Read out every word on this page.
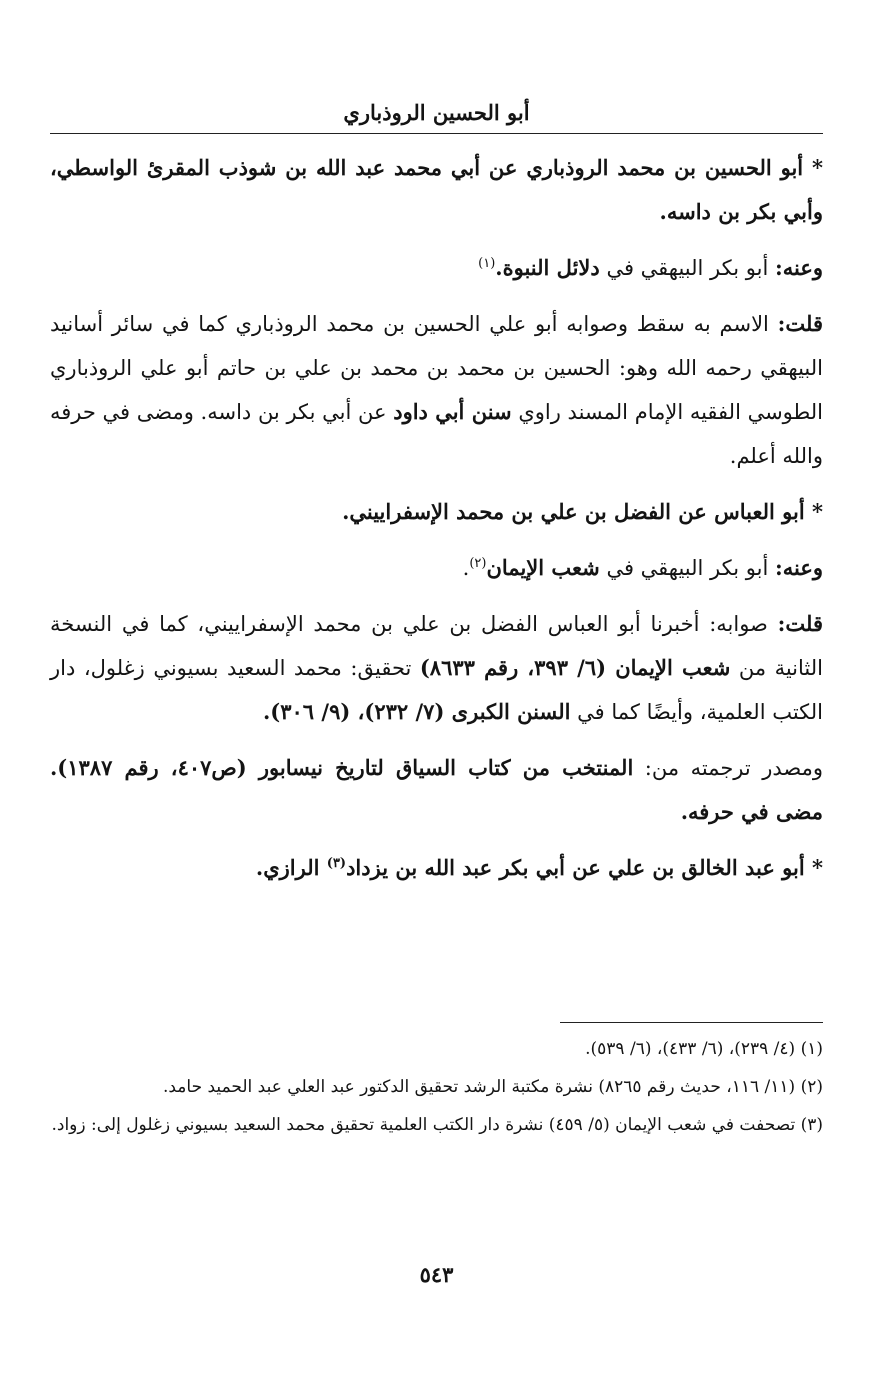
أبو الحسين الروذباري

* أبو الحسين بن محمد الروذباري عن أبي محمد عبد الله بن شوذب المقرئ الواسطي، وأبي بكر بن داسه.

وعنه: أبو بكر البيهقي في دلائل النبوة.$^{(١)}$

قلت: الاسم به سقط وصوابه أبو علي الحسين بن محمد الروذباري كما في سائر أسانيد البيهقي رحمه الله وهو: الحسين بن محمد بن محمد بن علي بن حاتم أبو علي الروذباري الطوسي الفقيه الإمام المسند راوي سنن أبي داود عن أبي بكر بن داسه. ومضى في حرفه والله أعلم.

* أبو العباس عن الفضل بن علي بن محمد الإسفراييني.

وعنه: أبو بكر البيهقي في شعب الإيمان$^{(٢)}$.

قلت: صوابه: أخبرنا أبو العباس الفضل بن علي بن محمد الإسفراييني، كما في النسخة الثانية من شعب الإيمان (٦/ ٣٩٣، رقم ٨٦٣٣) تحقيق: محمد السعيد بسيوني زغلول، دار الكتب العلمية، وأيضًا كما في السنن الكبرى (٧/ ٢٣٢)، (٩/ ٣٠٦).

ومصدر ترجمته من: المنتخب من كتاب السياق لتاريخ نيسابور (ص٤٠٧، رقم ١٣٨٧). مضى في حرفه.

* أبو عبد الخالق بن علي عن أبي بكر عبد الله بن يزداد$^{(٣)}$ الرازي.

(١) (٤/ ٢٣٩)، (٦/ ٤٣٣)، (٦/ ٥٣٩).

(٢) (١١/ ١١٦، حديث رقم ٨٢٦٥) نشرة مكتبة الرشد تحقيق الدكتور عبد العلي عبد الحميد حامد.

(٣) تصحفت في شعب الإيمان (٥/ ٤٥٩) نشرة دار الكتب العلمية تحقيق محمد السعيد بسيوني زغلول إلى: زواد.

٥٤٣
